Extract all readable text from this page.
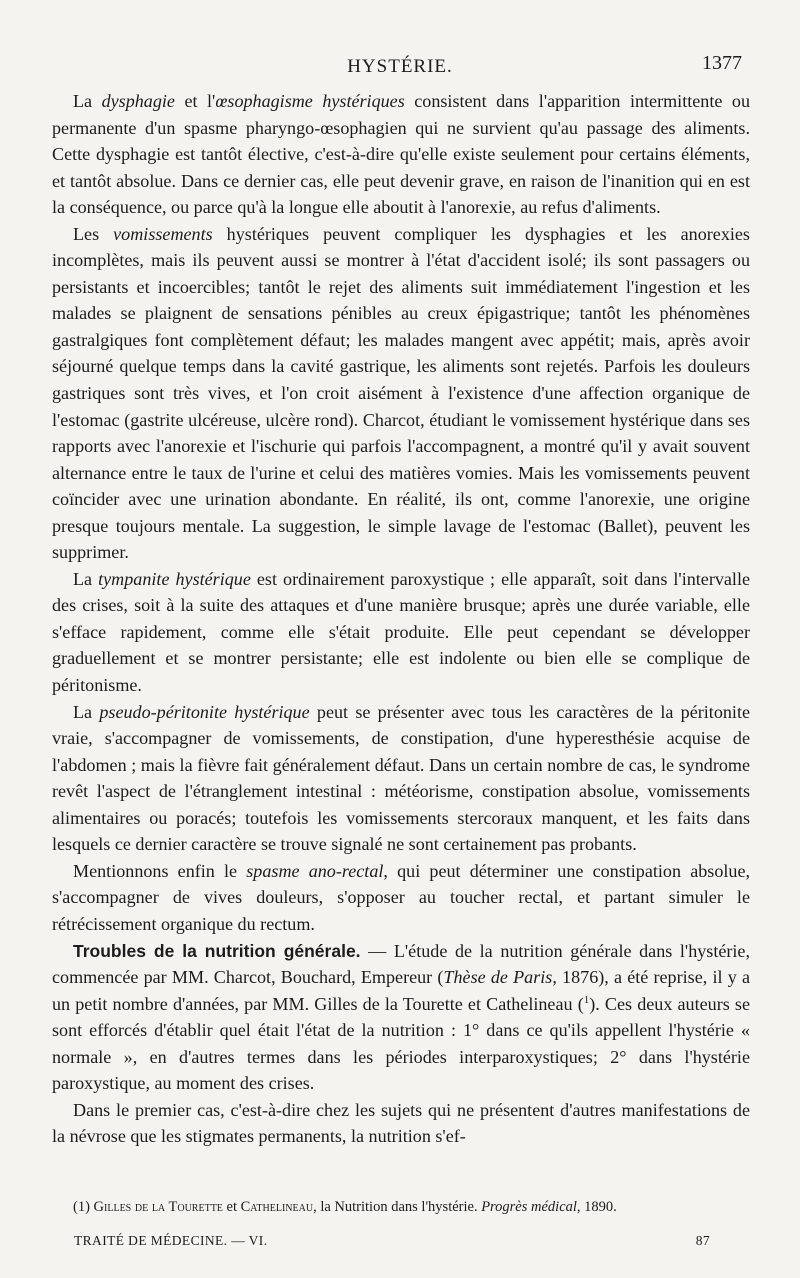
HYSTÉRIE.	1377

La dysphagie et l'œsophagisme hystériques consistent dans l'apparition intermittente ou permanente d'un spasme pharyngo-œsophagien qui ne survient qu'au passage des aliments. Cette dysphagie est tantôt élective, c'est-à-dire qu'elle existe seulement pour certains éléments, et tantôt absolue. Dans ce dernier cas, elle peut devenir grave, en raison de l'inanition qui en est la conséquence, ou parce qu'à la longue elle aboutit à l'anorexie, au refus d'aliments.

Les vomissements hystériques peuvent compliquer les dysphagies et les anorexies incomplètes, mais ils peuvent aussi se montrer à l'état d'accident isolé; ils sont passagers ou persistants et incoercibles; tantôt le rejet des aliments suit immédiatement l'ingestion et les malades se plaignent de sensations pénibles au creux épigastrique; tantôt les phénomènes gastralgiques font complètement défaut; les malades mangent avec appétit; mais, après avoir séjourné quelque temps dans la cavité gastrique, les aliments sont rejetés. Parfois les douleurs gastriques sont très vives, et l'on croit aisément à l'existence d'une affection organique de l'estomac (gastrite ulcéreuse, ulcère rond). Charcot, étudiant le vomissement hystérique dans ses rapports avec l'anorexie et l'ischurie qui parfois l'accompagnent, a montré qu'il y avait souvent alternance entre le taux de l'urine et celui des matières vomies. Mais les vomissements peuvent coïncider avec une urination abondante. En réalité, ils ont, comme l'anorexie, une origine presque toujours mentale. La suggestion, le simple lavage de l'estomac (Ballet), peuvent les supprimer.

La tympanite hystérique est ordinairement paroxystique ; elle apparaît, soit dans l'intervalle des crises, soit à la suite des attaques et d'une manière brusque; après une durée variable, elle s'efface rapidement, comme elle s'était produite. Elle peut cependant se développer graduellement et se montrer persistante; elle est indolente ou bien elle se complique de péritonisme.

La pseudo-péritonite hystérique peut se présenter avec tous les caractères de la péritonite vraie, s'accompagner de vomissements, de constipation, d'une hyperesthésie acquise de l'abdomen ; mais la fièvre fait généralement défaut. Dans un certain nombre de cas, le syndrome revêt l'aspect de l'étranglement intestinal : météorisme, constipation absolue, vomissements alimentaires ou poracés; toutefois les vomissements stercoraux manquent, et les faits dans lesquels ce dernier caractère se trouve signalé ne sont certainement pas probants.

Mentionnons enfin le spasme ano-rectal, qui peut déterminer une constipation absolue, s'accompagner de vives douleurs, s'opposer au toucher rectal, et partant simuler le rétrécissement organique du rectum.

Troubles de la nutrition générale. — L'étude de la nutrition générale dans l'hystérie, commencée par MM. Charcot, Bouchard, Empereur (Thèse de Paris, 1876), a été reprise, il y a un petit nombre d'années, par MM. Gilles de la Tourette et Cathelineau ($^1$). Ces deux auteurs se sont efforcés d'établir quel était l'état de la nutrition : 1° dans ce qu'ils appellent l'hystérie « normale », en d'autres termes dans les périodes interparoxystiques; 2° dans l'hystérie paroxystique, au moment des crises.

Dans le premier cas, c'est-à-dire chez les sujets qui ne présentent d'autres manifestations de la névrose que les stigmates permanents, la nutrition s'ef-

(1) Gilles de la Tourette et Cathelineau, la Nutrition dans l'hystérie. Progrès médical, 1890.

TRAITÉ DE MÉDECINE. — VI.	87
